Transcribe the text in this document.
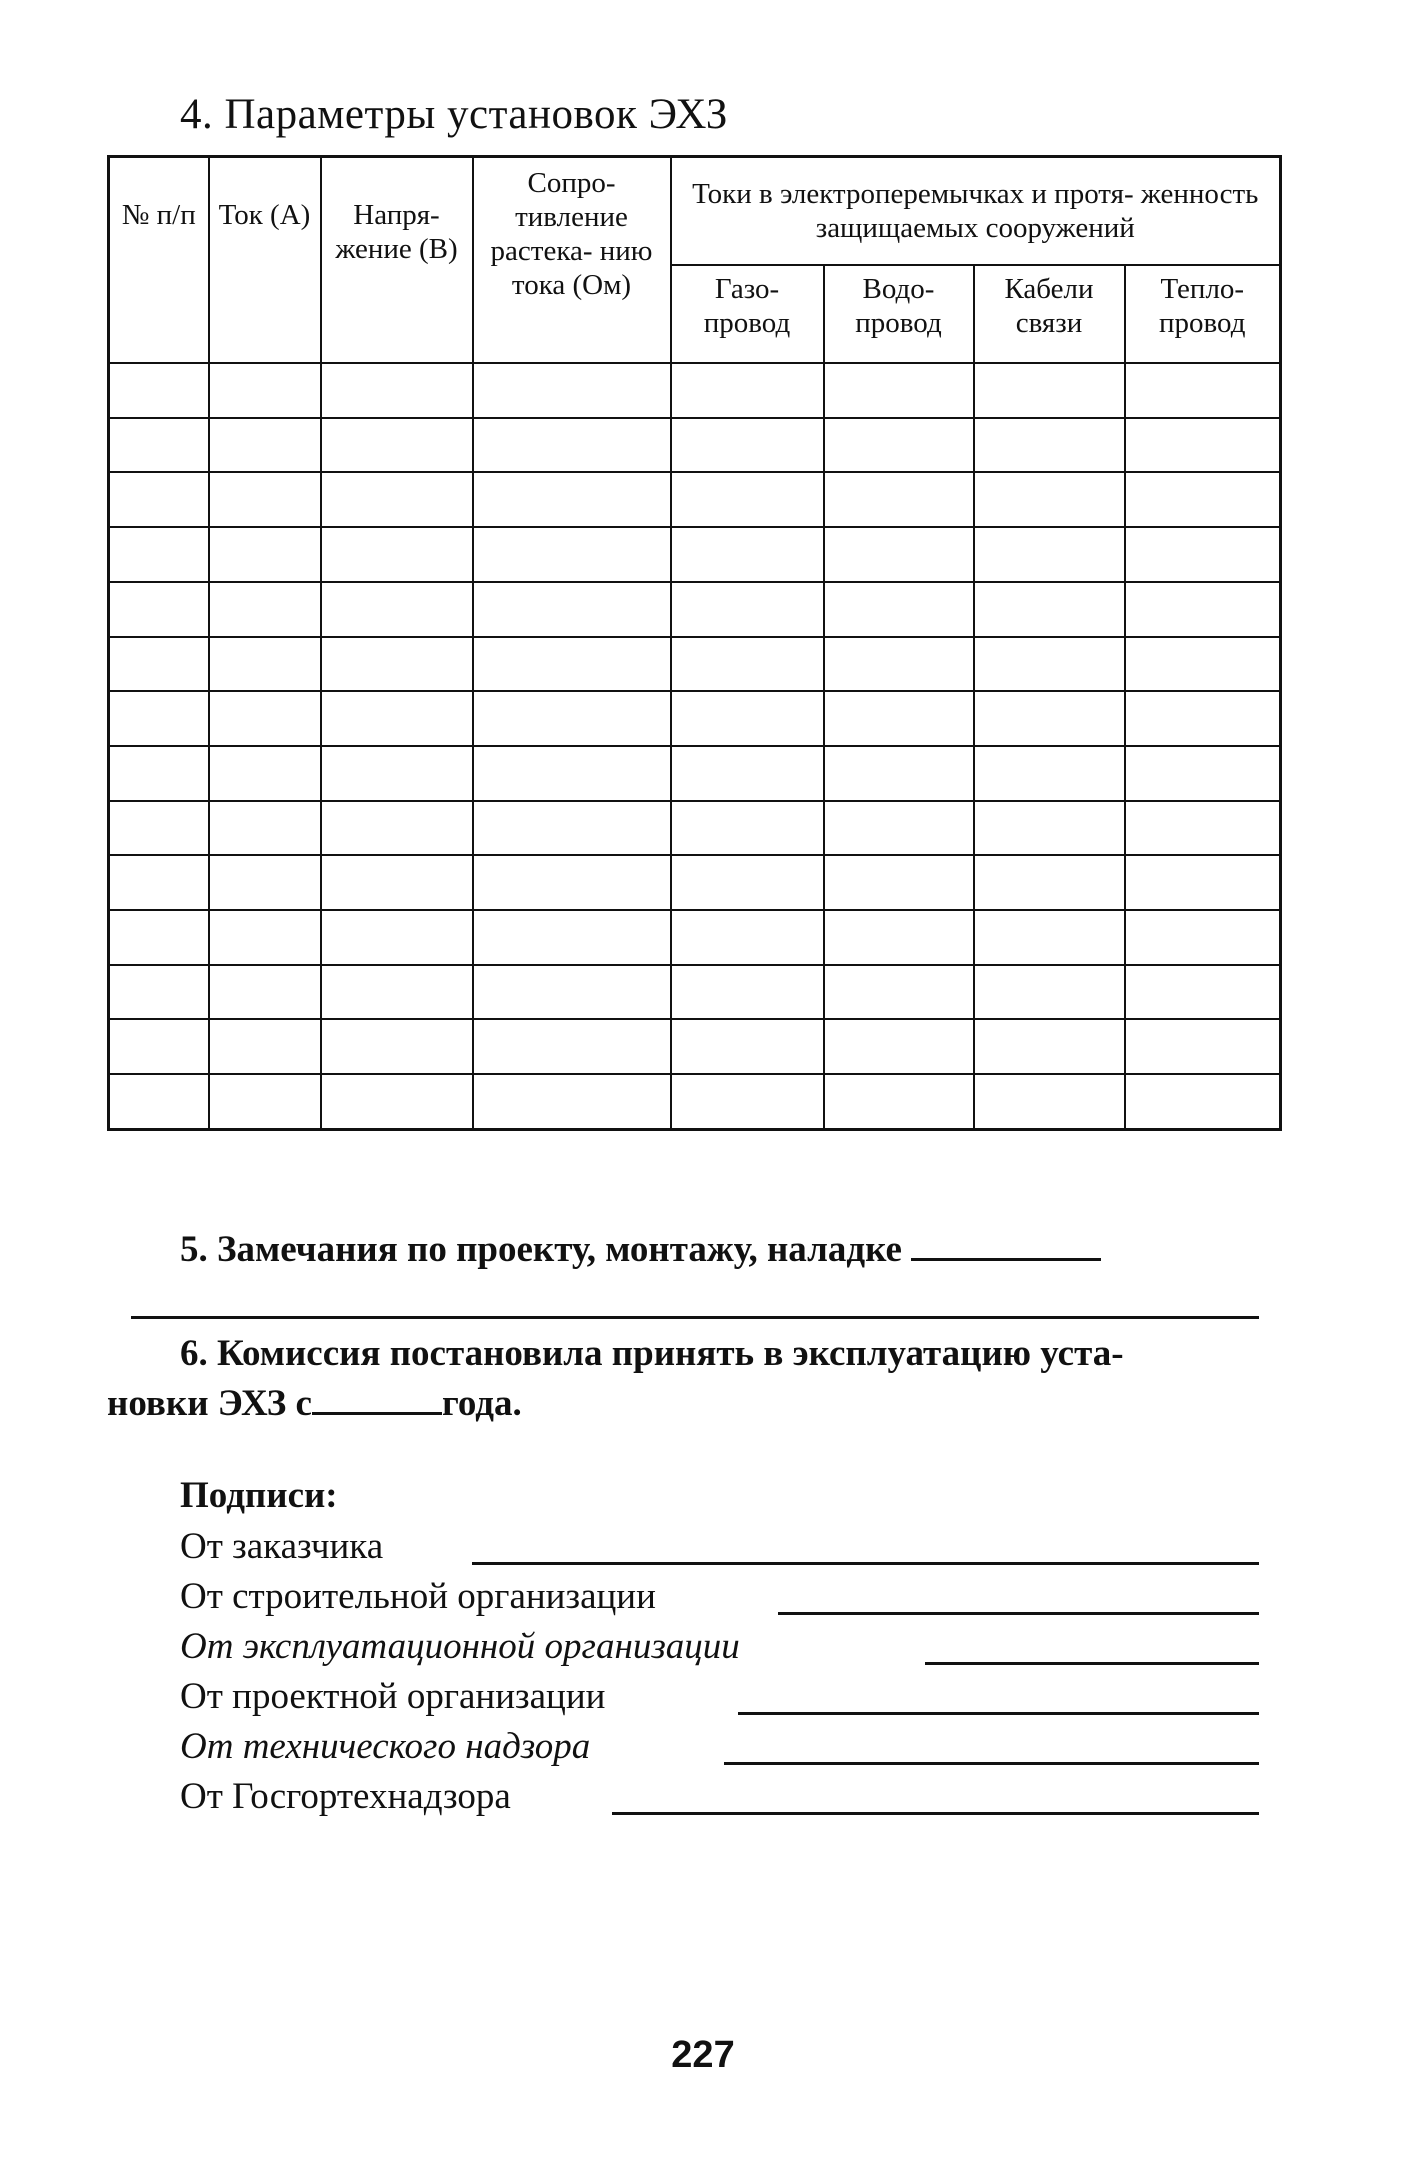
4. Параметры установок ЭХЗ
№ п/п	Ток (А)	Напря- жение (В)	Сопро- тивление растека- нию тока (Ом)	Токи в электроперемычках и протя- женность защищаемых сооружений			
				Газо- провод	Водо- провод	Кабели связи	Тепло- провод

5. Замечания по проекту, монтажу, наладке
6. Комиссия постановила принять в эксплуатацию уста-
новки ЭХЗ с	года.
Подписи:
От заказчика
От строительной организации
От эксплуатационной организации
От проектной организации
От технического надзора
От Госгортехнадзора
227
